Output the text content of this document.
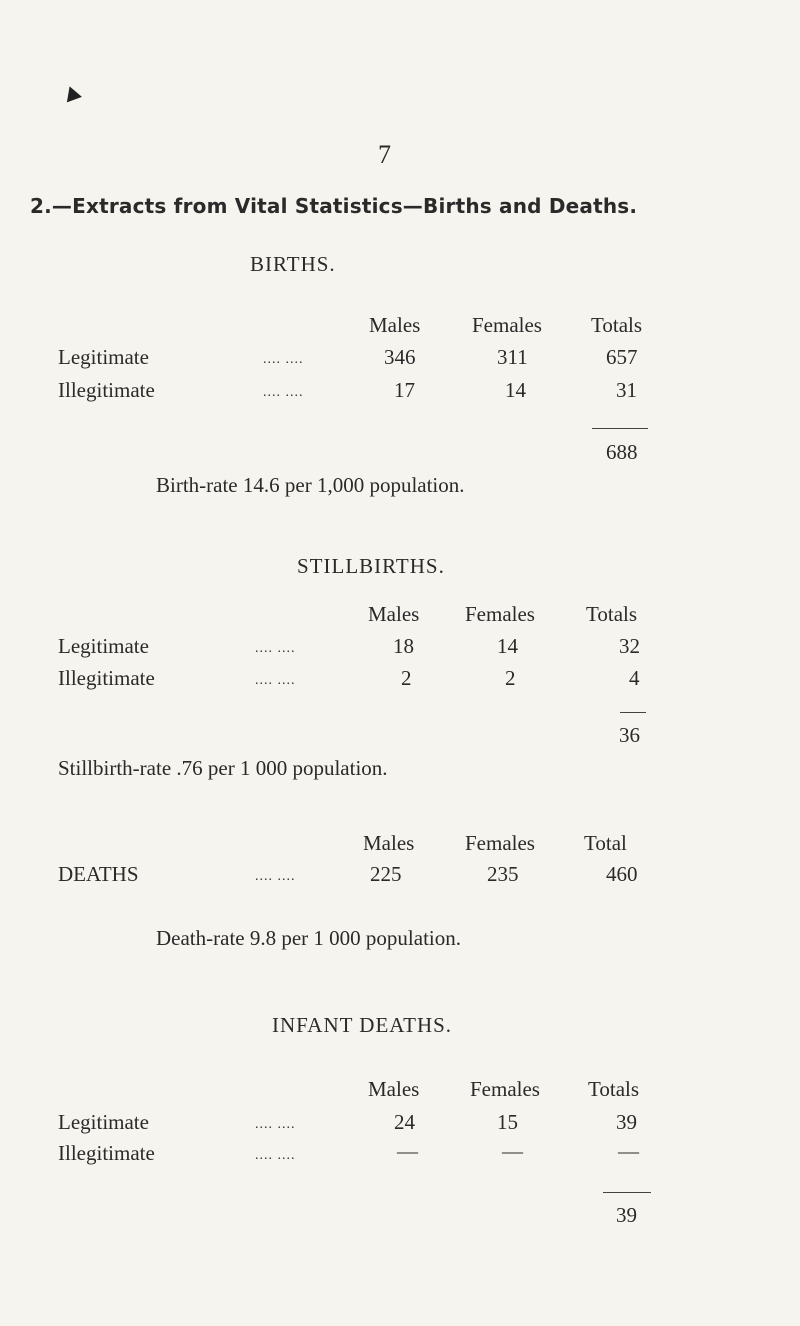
7
2.—Extracts from Vital Statistics—Births and Deaths.
BIRTHS.
Males Females Totals
Legitimate	.... ....	346	311	657
Illegitimate	.... ....	17	14	31
688
Birth-rate 14.6 per 1,000 population.
STILLBIRTHS.
Males Females Totals
Legitimate	.... ....	18	14	32
Illegitimate	.... ....	2	2	4
36
Stillbirth-rate .76 per 1 000 population.
Males Females Total
DEATHS	.... ....	225	235	460
Death-rate 9.8 per 1 000 population.
INFANT DEATHS.
Males Females Totals
Legitimate	.... ....	24	15	39
Illegitimate	.... ....	—	—	—
39
